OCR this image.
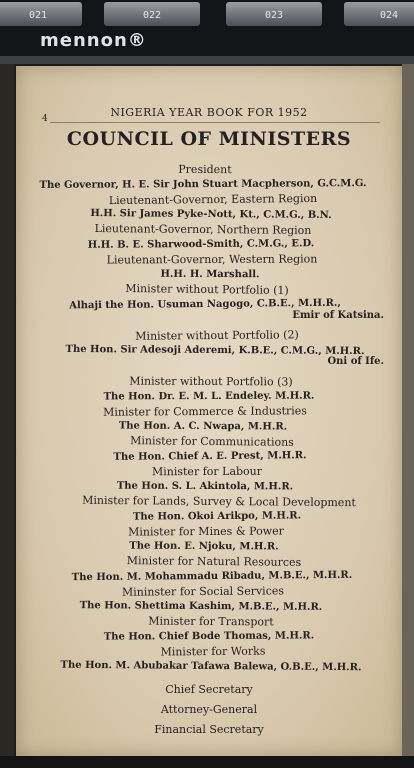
021	022	023	024
mennon®
4	NIGERIA YEAR BOOK FOR 1952
COUNCIL OF MINISTERS
President
The Governor, H. E. Sir John Stuart Macpherson, G.C.M.G.
Lieutenant-Governor, Eastern Region
H.H. Sir James Pyke-Nott, Kt., C.M.G., B.N.
Lieutenant-Governor, Northern Region
H.H. B. E. Sharwood-Smith, C.M.G., E.D.
Lieutenant-Governor, Western Region
H.H. H. Marshall.
Minister without Portfolio (1)
Alhaji the Hon. Usuman Nagogo, C.B.E., M.H.R.,
Emir of Katsina.
Minister without Portfolio (2)
The Hon. Sir Adesoji Aderemi, K.B.E., C.M.G., M.H.R.
Oni of Ife.
Minister without Portfolio (3)
The Hon. Dr. E. M. L. Endeley. M.H.R.
Minister for Commerce & Industries
The Hon. A. C. Nwapa, M.H.R.
Minister for Communications
The Hon. Chief A. E. Prest, M.H.R.
Minister for Labour
The Hon. S. L. Akintola, M.H.R.
Minister for Lands, Survey & Local Development
The Hon. Okoi Arikpo, M.H.R.
Minister for Mines & Power
The Hon. E. Njoku, M.H.R.
Minister for Natural Resources
The Hon. M. Mohammadu Ribadu, M.B.E., M.H.R.
Mininster for Social Services
The Hon. Shettima Kashim, M.B.E., M.H.R.
Minister for Transport
The Hon. Chief Bode Thomas, M.H.R.
Minister for Works
The Hon. M. Abubakar Tafawa Balewa, O.B.E., M.H.R.
Chief Secretary
Attorney-General
Financial Secretary
